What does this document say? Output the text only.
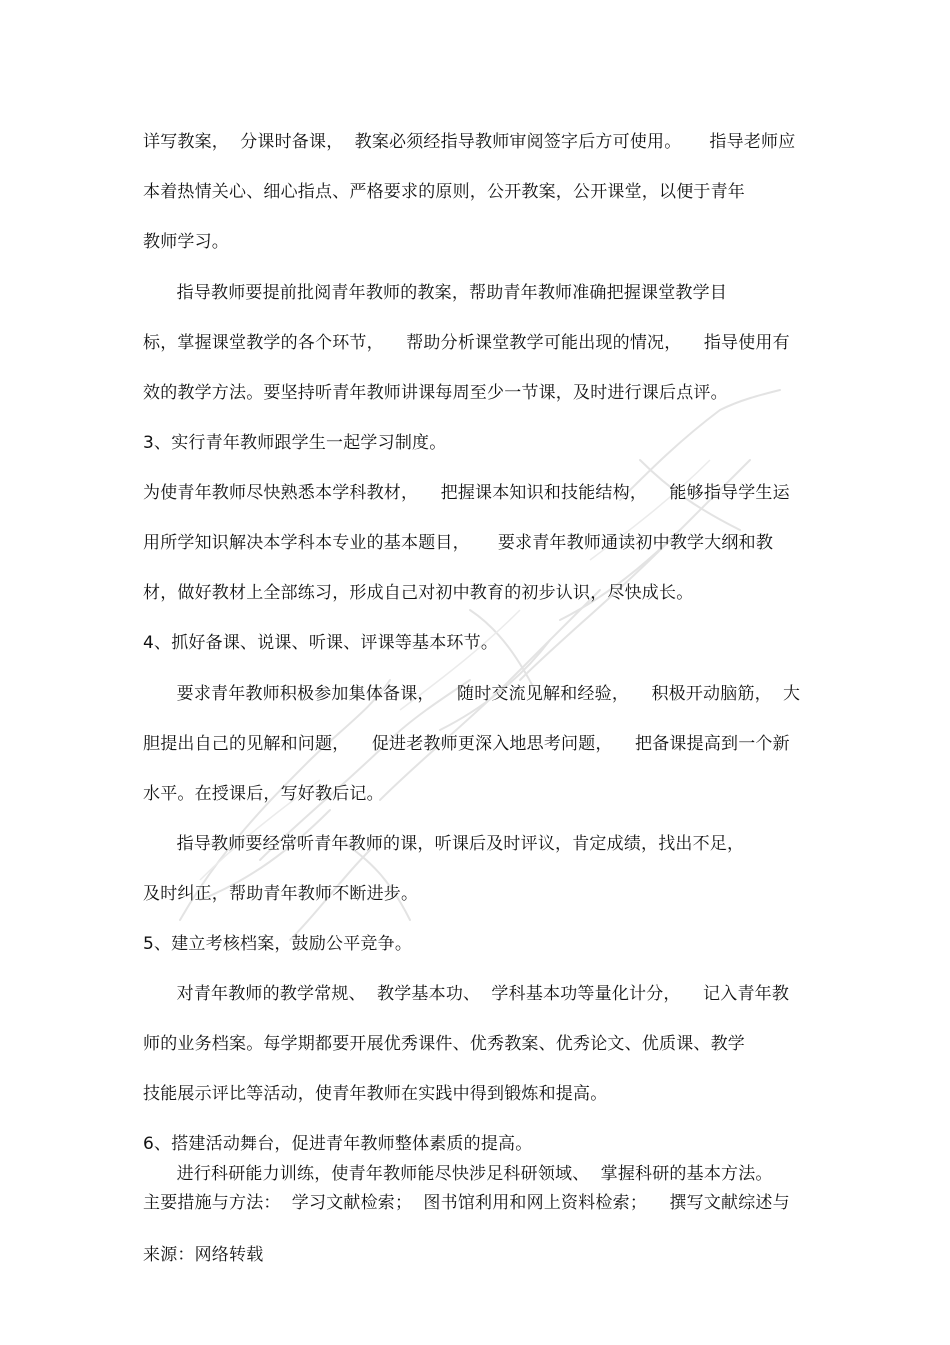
详写教案，  分课时备课，  教案必须经指导教师审阅签字后方可使用。     指导老师应
本着热情关心、细心指点、严格要求的原则，公开教案，公开课堂，以便于青年
教师学习。
指导教师要提前批阅青年教师的教案，帮助青年教师准确把握课堂教学目
标，掌握课堂教学的各个环节，    帮助分析课堂教学可能出现的情况，    指导使用有
效的教学方法。要坚持听青年教师讲课每周至少一节课，及时进行课后点评。
3、实行青年教师跟学生一起学习制度。
为使青年教师尽快熟悉本学科教材，    把握课本知识和技能结构，    能够指导学生运
用所学知识解决本学科本专业的基本题目，     要求青年教师通读初中教学大纲和教
材，做好教材上全部练习，形成自己对初中教育的初步认识，尽快成长。
4、抓好备课、说课、听课、评课等基本环节。
要求青年教师积极参加集体备课，    随时交流见解和经验，    积极开动脑筋，  大
胆提出自己的见解和问题，    促进老教师更深入地思考问题，    把备课提高到一个新
水平。在授课后，写好教后记。
指导教师要经常听青年教师的课，听课后及时评议，肯定成绩，找出不足，
及时纠正，帮助青年教师不断进步。
5、建立考核档案，鼓励公平竞争。
对青年教师的教学常规、  教学基本功、  学科基本功等量化计分，    记入青年教
师的业务档案。每学期都要开展优秀课件、优秀教案、优秀论文、优质课、教学
技能展示评比等活动，使青年教师在实践中得到锻炼和提高。
6、搭建活动舞台，促进青年教师整体素质的提高。
进行科研能力训练，使青年教师能尽快涉足科研领域、  掌握科研的基本方法。
主要措施与方法：  学习文献检索；  图书馆利用和网上资料检索；    撰写文献综述与
来源：网络转载
